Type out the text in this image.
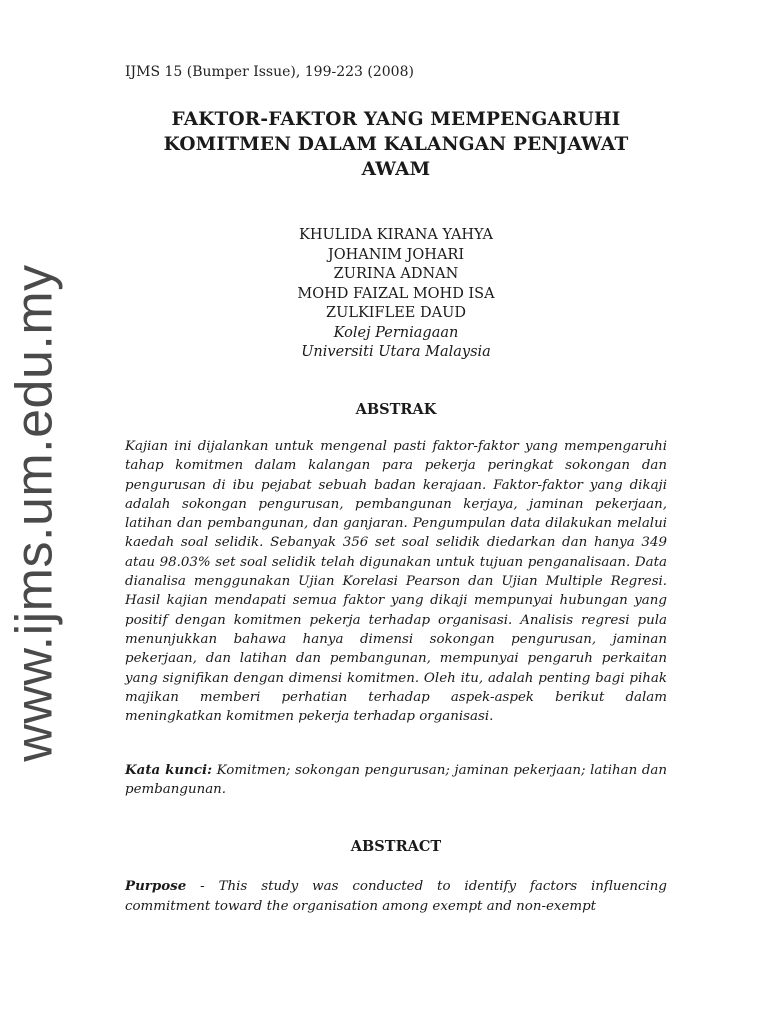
www.ijms.um.edu.my
IJMS 15 (Bumper Issue), 199-223 (2008)
FAKTOR-FAKTOR YANG MEMPENGARUHI
KOMITMEN DALAM KALANGAN PENJAWAT
AWAM
KHULIDA KIRANA YAHYA
JOHANIM JOHARI
ZURINA ADNAN
MOHD FAIZAL MOHD ISA
ZULKIFLEE DAUD
Kolej Perniagaan
Universiti Utara Malaysia
ABSTRAK

Kajian ini dijalankan untuk mengenal pasti faktor-faktor yang mempengaruhi tahap komitmen dalam kalangan para pekerja peringkat sokongan dan pengurusan di ibu pejabat sebuah badan kerajaan. Faktor-faktor yang dikaji adalah sokongan pengurusan, pembangunan kerjaya, jaminan pekerjaan, latihan dan pembangunan, dan ganjaran. Pengumpulan data dilakukan melalui kaedah soal selidik. Sebanyak 356 set soal selidik diedarkan dan hanya 349 atau 98.03% set soal selidik telah digunakan untuk tujuan penganalisaan. Data dianalisa menggunakan Ujian Korelasi Pearson dan Ujian Multiple Regresi. Hasil kajian mendapati semua faktor yang dikaji mempunyai hubungan yang positif dengan komitmen pekerja terhadap organisasi. Analisis regresi pula menunjukkan bahawa hanya dimensi sokongan pengurusan, jaminan pekerjaan, dan latihan dan pembangunan, mempunyai pengaruh perkaitan yang signifikan dengan dimensi komitmen. Oleh itu, adalah penting bagi pihak majikan memberi perhatian terhadap aspek-aspek berikut dalam meningkatkan komitmen pekerja terhadap organisasi.

Kata kunci: Komitmen; sokongan pengurusan; jaminan pekerjaan; latihan dan pembangunan.

ABSTRACT

Purpose - This study was conducted to identify factors influencing commitment toward the organisation among exempt and non-exempt
